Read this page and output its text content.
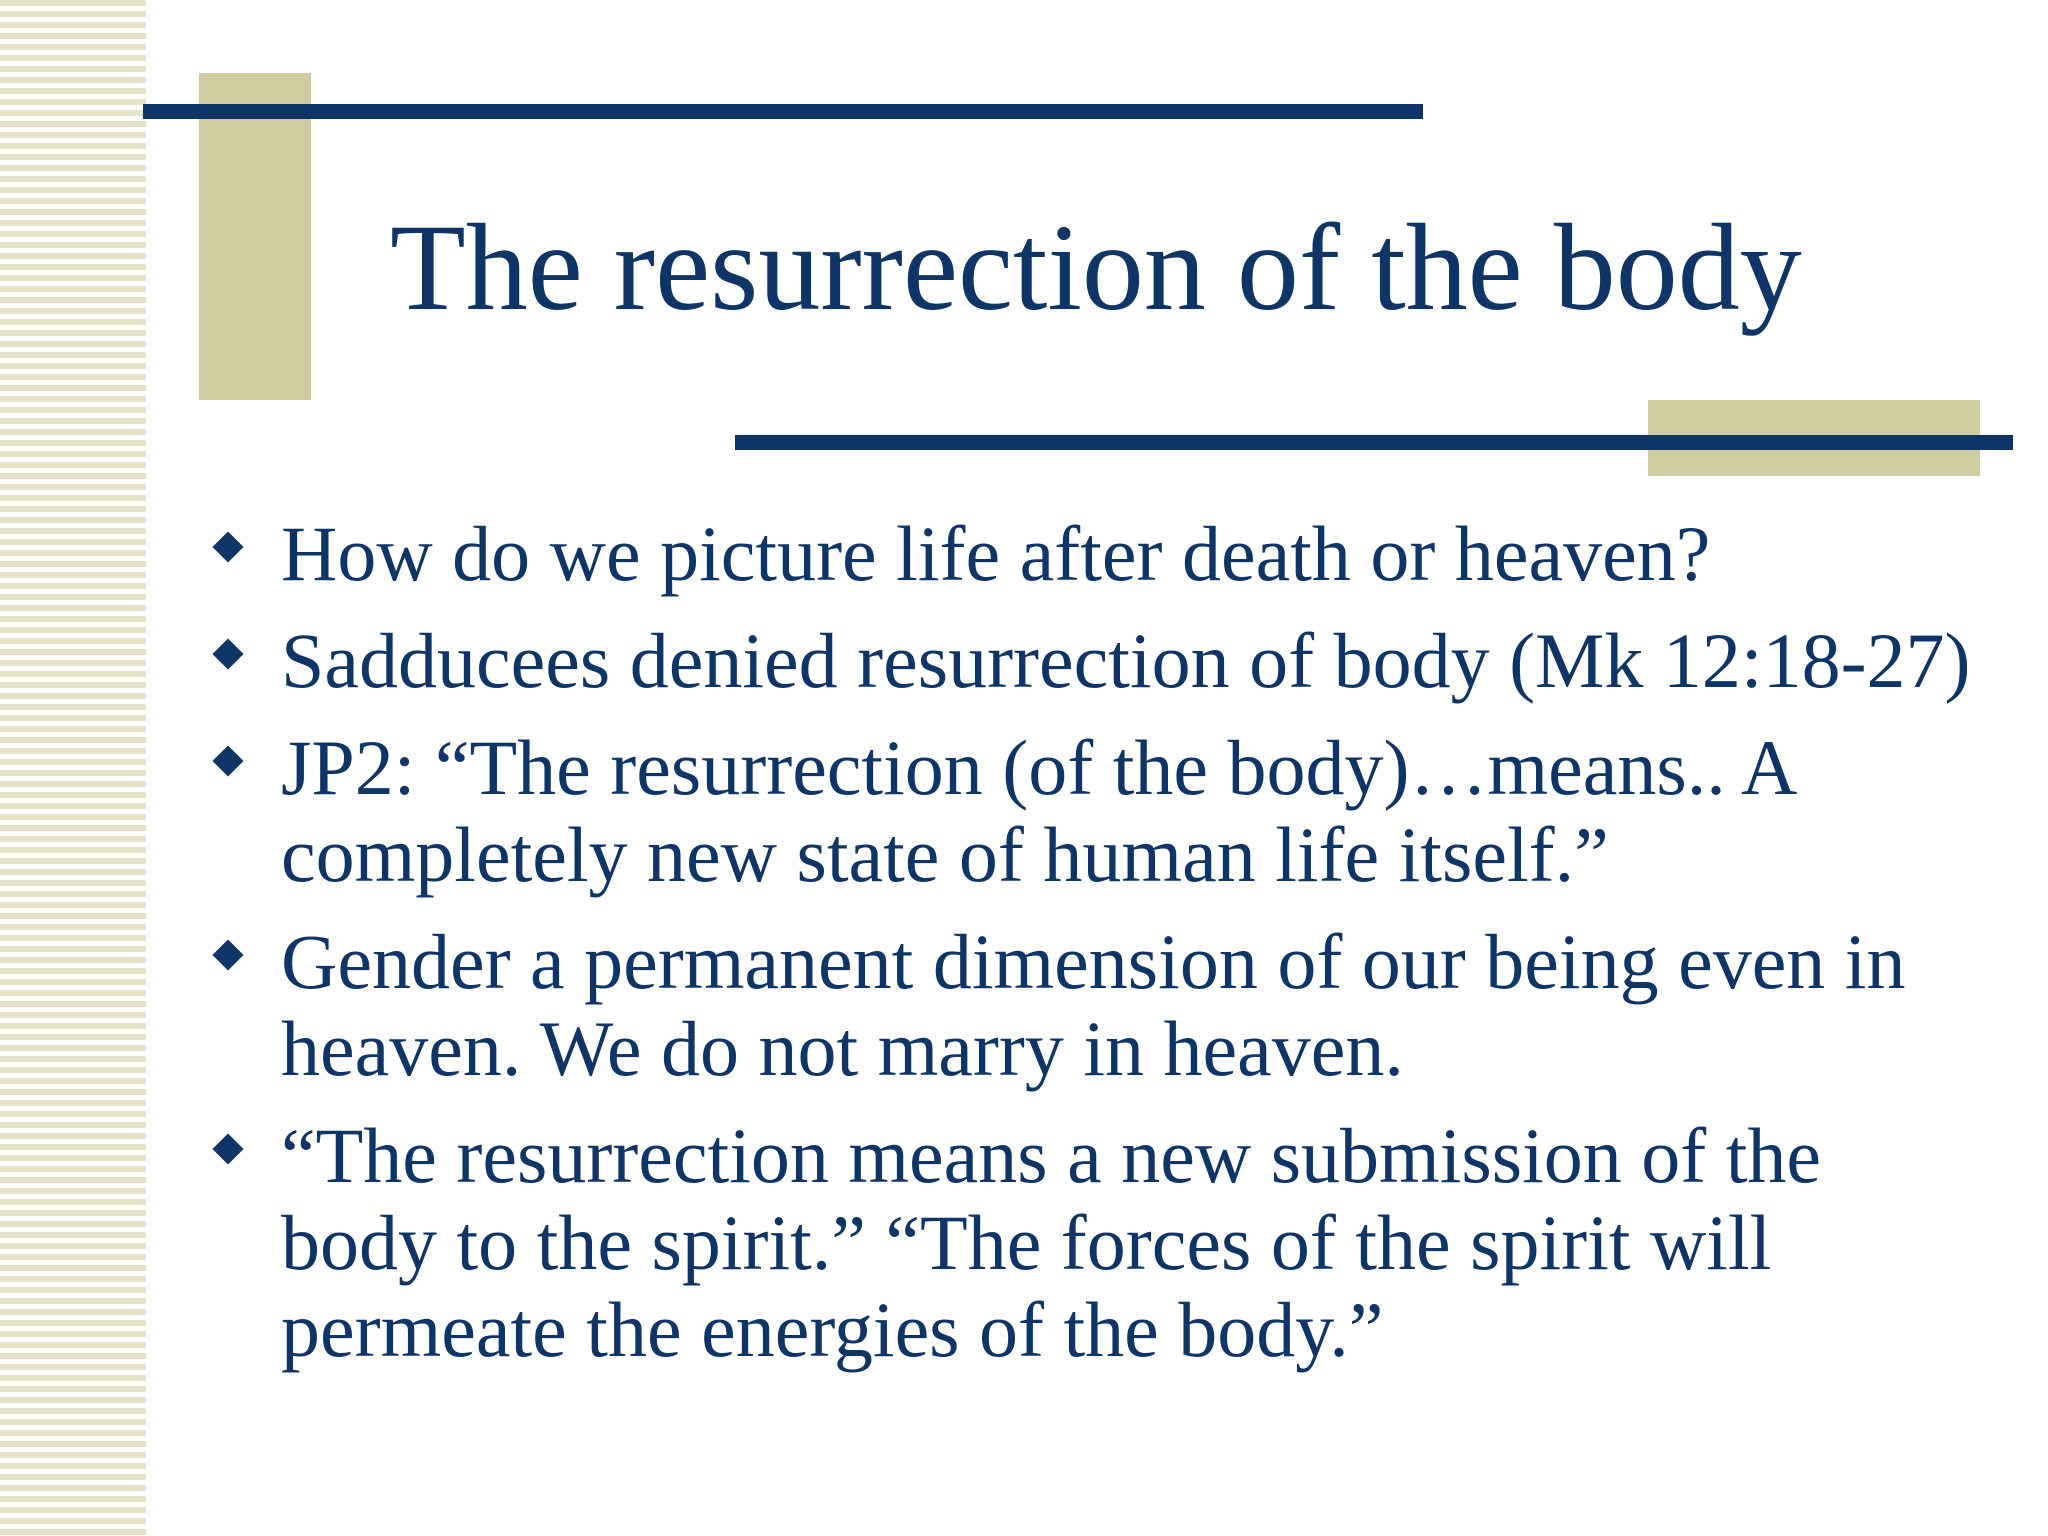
The resurrection of the body
How do we picture life after death or heaven?
Sadducees denied resurrection of body (Mk 12:18-27)
JP2: “The resurrection (of the body)…means.. A completely new state of human life itself.”
Gender a permanent dimension of our being even in heaven. We do not marry in heaven.
“The resurrection means a new submission of the body to the spirit.” “The forces of the spirit will permeate the energies of the body.”
